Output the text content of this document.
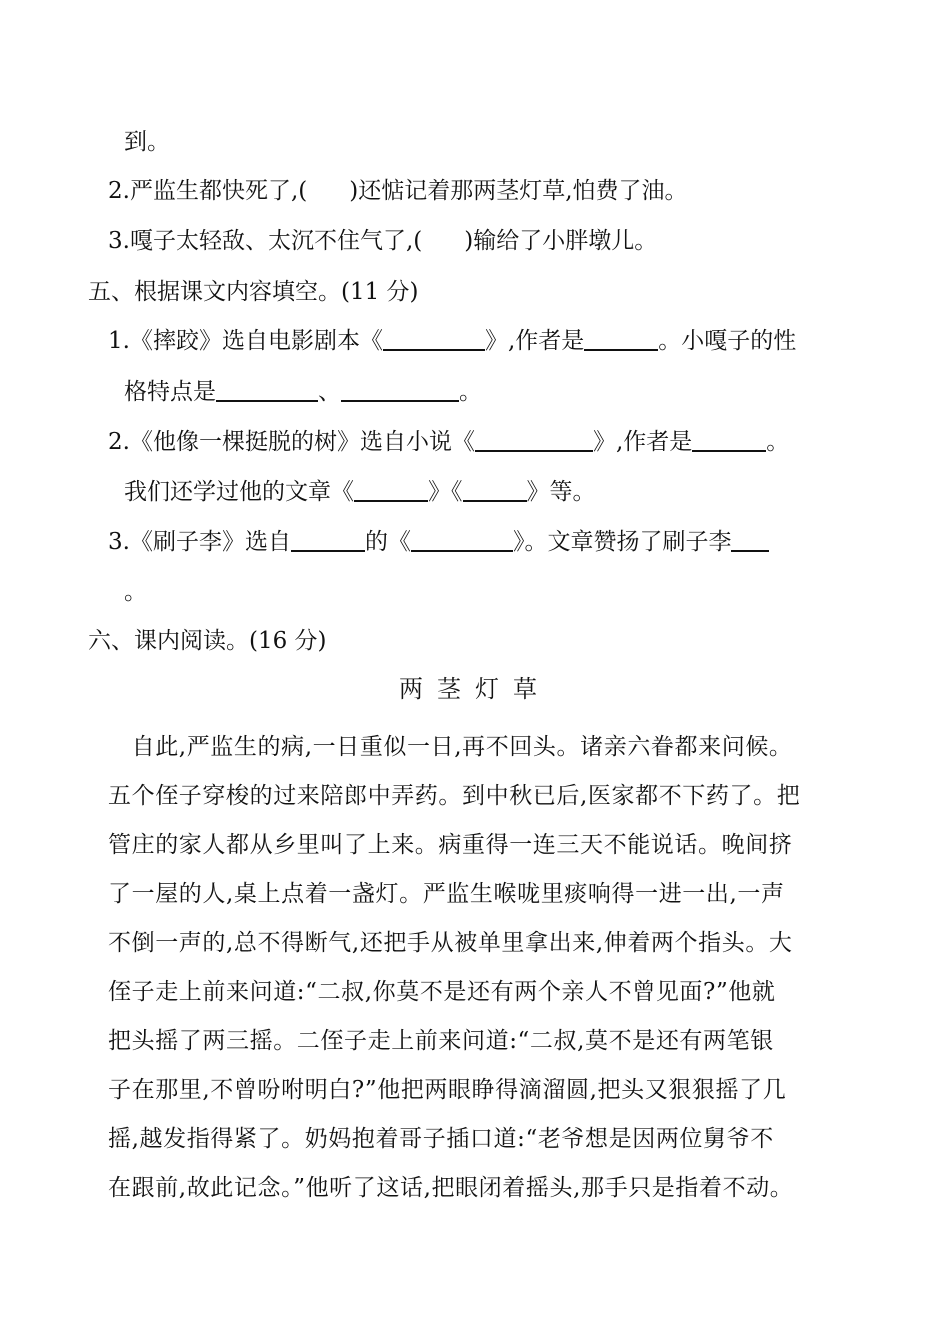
到。
2.严监生都快死了,( )还惦记着那两茎灯草,怕费了油。
3.嘎子太轻敌、太沉不住气了,( )输给了小胖墩儿。
五、根据课文内容填空。(11 分)
1.《摔跤》选自电影剧本《	》,作者是	。小嘎子的性
格特点是	、	。
2.《他像一棵挺脱的树》选自小说《	》,作者是	。
我们还学过他的文章《	》《	》等。
3.《刷子李》选自	的《	》。文章赞扬了刷子李
。
六、课内阅读。(16 分)
两茎灯草

　自此,严监生的病,一日重似一日,再不回头。诸亲六眷都来问候。

五个侄子穿梭的过来陪郎中弄药。到中秋已后,医家都不下药了。把

管庄的家人都从乡里叫了上来。病重得一连三天不能说话。晚间挤

了一屋的人,桌上点着一盏灯。严监生喉咙里痰响得一进一出,一声

不倒一声的,总不得断气,还把手从被单里拿出来,伸着两个指头。大

侄子走上前来问道:“二叔,你莫不是还有两个亲人不曾见面?”他就

把头摇了两三摇。二侄子走上前来问道:“二叔,莫不是还有两笔银

子在那里,不曾吩咐明白?”他把两眼睁得滴溜圆,把头又狠狠摇了几

摇,越发指得紧了。奶妈抱着哥子插口道:“老爷想是因两位舅爷不

在跟前,故此记念。”他听了这话,把眼闭着摇头,那手只是指着不动。
